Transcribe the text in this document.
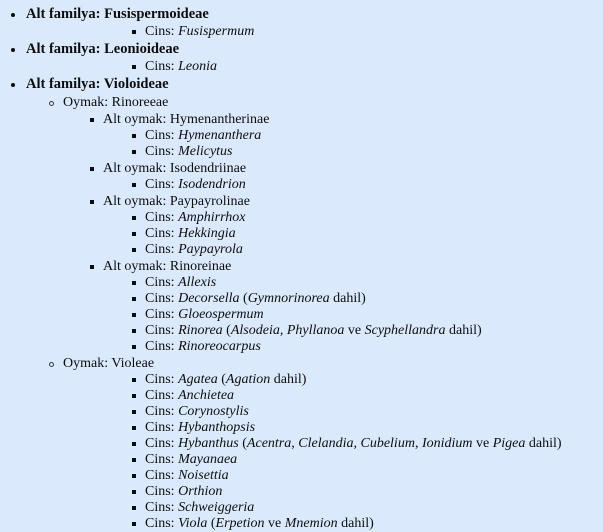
Alt familya: Fusispermoideae
Cins: Fusispermum
Alt familya: Leonioideae
Cins: Leonia
Alt familya: Violoideae
Oymak: Rinoreeae
Alt oymak: Hymenantherinae
Cins: Hymenanthera
Cins: Melicytus
Alt oymak: Isodendriinae
Cins: Isodendrion
Alt oymak: Paypayrolinae
Cins: Amphirrhox
Cins: Hekkingia
Cins: Paypayrola
Alt oymak: Rinoreinae
Cins: Allexis
Cins: Decorsella (Gymnorinorea dahil)
Cins: Gloeospermum
Cins: Rinorea (Alsodeia, Phyllanoa ve Scyphellandra dahil)
Cins: Rinoreocarpus
Oymak: Violeae
Cins: Agatea (Agation dahil)
Cins: Anchietea
Cins: Corynostylis
Cins: Hybanthopsis
Cins: Hybanthus (Acentra, Clelandia, Cubelium, Ionidium ve Pigea dahil)
Cins: Mayanaea
Cins: Noisettia
Cins: Orthion
Cins: Schweiggeria
Cins: Viola (Erpetion ve Mnemion dahil)
